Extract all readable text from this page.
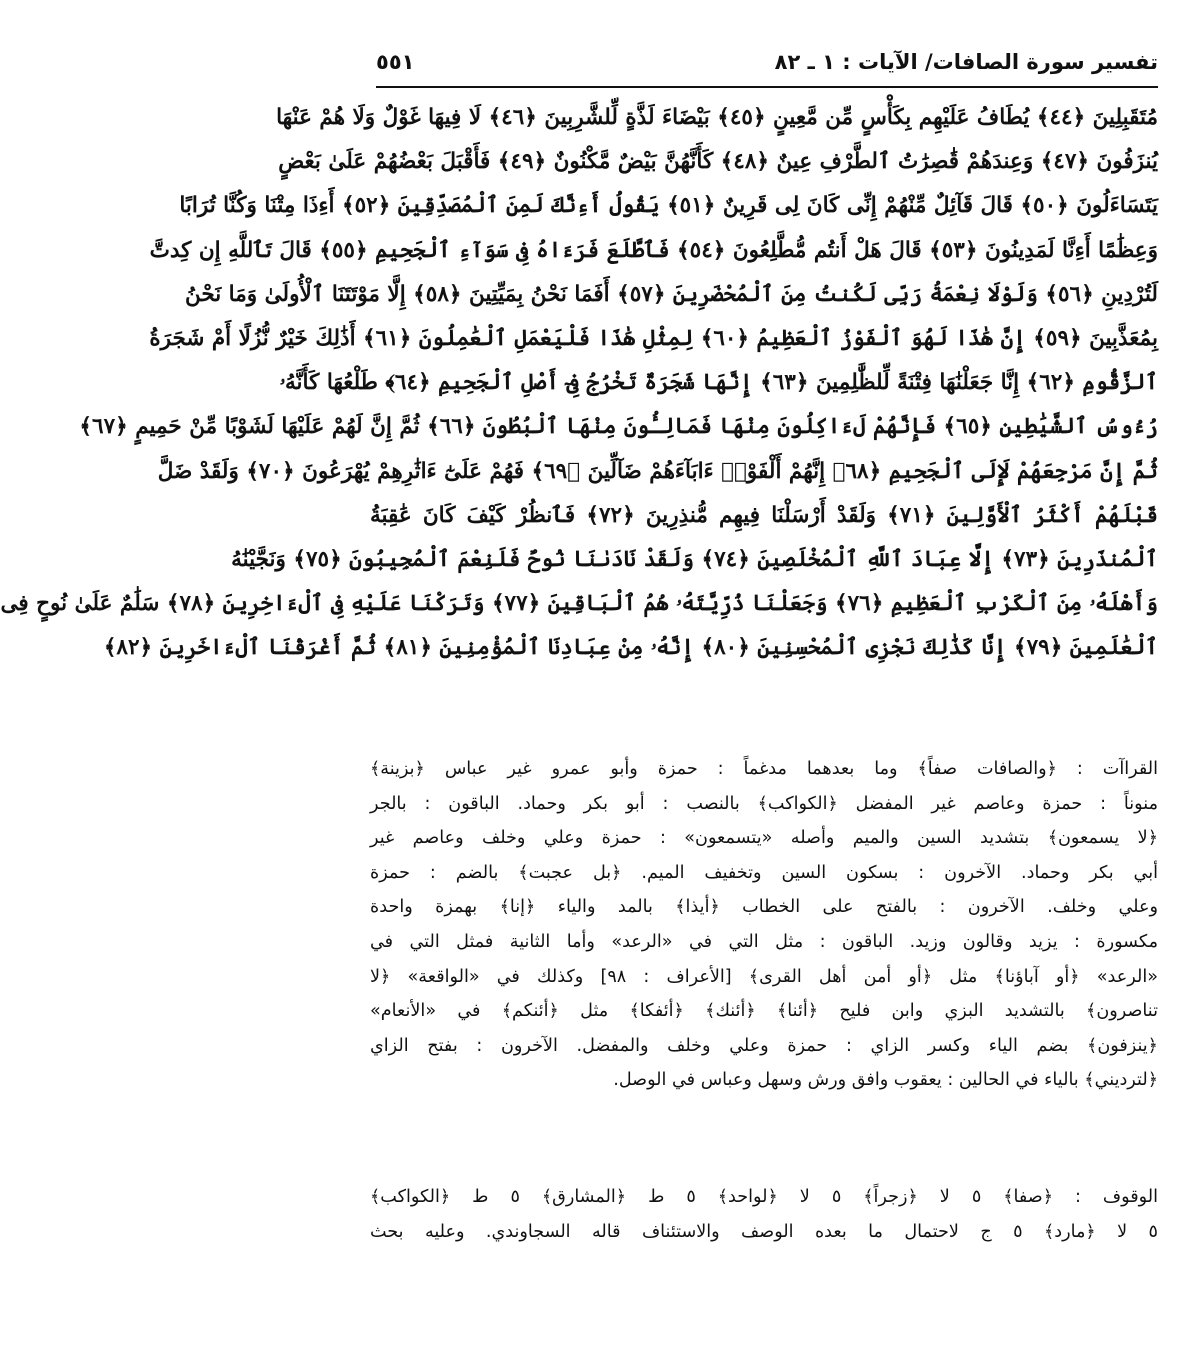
تفسير سورة الصافات/ الآيات : ١ ـ ٨٢
٥٥١
مُتَقَبِلِينَ ﴿٤٤﴾ يُطَافُ عَلَيْهِم بِكَأْسٍ مِّن مَّعِينٍ ﴿٤٥﴾ بَيْضَاءَ لَذَّةٍ لِّلشَّرِبِينَ ﴿٤٦﴾ لَا فِيهَا غَوْلٌ وَلَا هُمْ عَنْهَا
يُنزَفُونَ ﴿٤٧﴾ وَعِندَهُمْ قَٰصِرَٰتُ ٱلطَّرْفِ عِينٌ ﴿٤٨﴾ كَأَنَّهُنَّ بَيْضٌ مَّكْنُونٌ ﴿٤٩﴾ فَأَقْبَلَ بَعْضُهُمْ عَلَىٰ بَعْضٍ
يَتَسَاءَلُونَ ﴿٥٠﴾ قَالَ قَآئِلٌ مِّنْهُمْ إِنِّى كَانَ لِى قَرِينٌ ﴿٥١﴾ يَقُولُ أَءِنَّكَ لَمِنَ ٱلْمُصَدِّقِينَ ﴿٥٢﴾ أَءِذَا مِتْنَا وَكُنَّا تُرَابًا
وَعِظَٰمًا أَءِنَّا لَمَدِينُونَ ﴿٥٣﴾ قَالَ هَلْ أَنتُم مُّطَّلِعُونَ ﴿٥٤﴾ فَٱطَّلَعَ فَرَءَاهُ فِى سَوَآءِ ٱلْجَحِيمِ ﴿٥٥﴾ قَالَ تَٱللَّهِ إِن كِدتَّ
لَتُرْدِينِ ﴿٥٦﴾ وَلَوْلَا نِعْمَةُ رَبِّى لَكُنتُ مِنَ ٱلْمُحْضَرِينَ ﴿٥٧﴾ أَفَمَا نَحْنُ بِمَيِّتِينَ ﴿٥٨﴾ إِلَّا مَوْتَتَنَا ٱلْأُولَىٰ وَمَا نَحْنُ
بِمُعَذَّبِينَ ﴿٥٩﴾ إِنَّ هَٰذَا لَهُوَ ٱلْفَوْزُ ٱلْعَظِيمُ ﴿٦٠﴾ لِمِثْلِ هَٰذَا فَلْيَعْمَلِ ٱلْعَٰمِلُونَ ﴿٦١﴾ أَذَٰلِكَ خَيْرٌ نُّزُلًا أَمْ شَجَرَةُ
ٱلزَّقُّومِ ﴿٦٢﴾ إِنَّا جَعَلْنَٰهَا فِتْنَةً لِّلظَّٰلِمِينَ ﴿٦٣﴾ إِنَّهَا شَجَرَةٌ تَخْرُجُ فِىٓ أَصْلِ ٱلْجَحِيمِ ﴿٦٤﴾ طَلْعُهَا كَأَنَّهُۥ
رُءُوسُ ٱلشَّيَٰطِينِ ﴿٦٥﴾ فَإِنَّهُمْ لَءَاكِلُونَ مِنْهَا فَمَالِـُٔونَ مِنْهَا ٱلْبُطُونَ ﴿٦٦﴾ ثُمَّ إِنَّ لَهُمْ عَلَيْهَا لَشَوْبًا مِّنْ حَمِيمٍ ﴿٦٧﴾
ثُمَّ إِنَّ مَرْجِعَهُمْ لَإِلَى ٱلْجَحِيمِ ﴿٦٨﴾ إِنَّهُمْ أَلْفَوْا۟ ءَابَآءَهُمْ ضَآلِّينَ ﴿٦٩﴾ فَهُمْ عَلَىٰٓ ءَاثَٰرِهِمْ يُهْرَعُونَ ﴿٧٠﴾ وَلَقَدْ ضَلَّ
قَبْلَهُمْ أَكْثَرُ ٱلْأَوَّلِينَ ﴿٧١﴾ وَلَقَدْ أَرْسَلْنَا فِيهِم مُّنذِرِينَ ﴿٧٢﴾ فَٱنظُرْ كَيْفَ كَانَ عَٰقِبَةُ
ٱلْمُنذَرِينَ ﴿٧٣﴾ إِلَّا عِبَادَ ٱللَّهِ ٱلْمُخْلَصِينَ ﴿٧٤﴾ وَلَقَدْ نَادَىٰنَا نُوحٌ فَلَنِعْمَ ٱلْمُجِيبُونَ ﴿٧٥﴾ وَنَجَّيْنَٰهُ
وَأَهْلَهُۥ مِنَ ٱلْكَرْبِ ٱلْعَظِيمِ ﴿٧٦﴾ وَجَعَلْنَا ذُرِّيَّتَهُۥ هُمُ ٱلْبَاقِينَ ﴿٧٧﴾ وَتَرَكْنَا عَلَيْهِ فِى ٱلْءَاخِرِينَ ﴿٧٨﴾ سَلَٰمٌ عَلَىٰ نُوحٍ فِى
ٱلْعَٰلَمِينَ ﴿٧٩﴾ إِنَّا كَذَٰلِكَ نَجْزِى ٱلْمُحْسِنِينَ ﴿٨٠﴾ إِنَّهُۥ مِنْ عِبَادِنَا ٱلْمُؤْمِنِينَ ﴿٨١﴾ ثُمَّ أَغْرَقْنَا ٱلْءَاخَرِينَ ﴿٨٢﴾
القراآت : ﴿والصافات صفاً﴾ وما بعدهما مدغماً : حمزة وأبو عمرو غير عباس ﴿بزينة﴾
منوناً : حمزة وعاصم غير المفضل ﴿الكواكب﴾ بالنصب : أبو بكر وحماد. الباقون : بالجر
﴿لا يسمعون﴾ بتشديد السين والميم وأصله «يتسمعون» : حمزة وعلي وخلف وعاصم غير
أبي بكر وحماد. الآخرون : بسكون السين وتخفيف الميم. ﴿بل عجبت﴾ بالضم : حمزة
وعلي وخلف. الآخرون : بالفتح على الخطاب ﴿أيذا﴾ بالمد والياء ﴿إنا﴾ بهمزة واحدة
مكسورة : يزيد وقالون وزيد. الباقون : مثل التي في «الرعد» وأما الثانية فمثل التي في
«الرعد» ﴿أو آباؤنا﴾ مثل ﴿أو أمن أهل القرى﴾ [الأعراف : ٩٨] وكذلك في «الواقعة» ﴿لا
تناصرون﴾ بالتشديد البزي وابن فليح ﴿أئنا﴾ ﴿أئنك﴾ ﴿أئفكا﴾ مثل ﴿أئنكم﴾ في «الأنعام»
﴿ينزفون﴾ بضم الياء وكسر الزاي : حمزة وعلي وخلف والمفضل. الآخرون : بفتح الزاي
﴿لترديني﴾ بالياء في الحالين : يعقوب وافق ورش وسهل وعباس في الوصل.
الوقوف : ﴿صفا﴾ ٥ لا ﴿زجراً﴾ ٥ لا ﴿لواحد﴾ ٥ ط ﴿المشارق﴾ ٥ ط ﴿الكواكب﴾
٥ لا ﴿مارد﴾ ٥ ج لاحتمال ما بعده الوصف والاستئناف قاله السجاوندي. وعليه بحث
